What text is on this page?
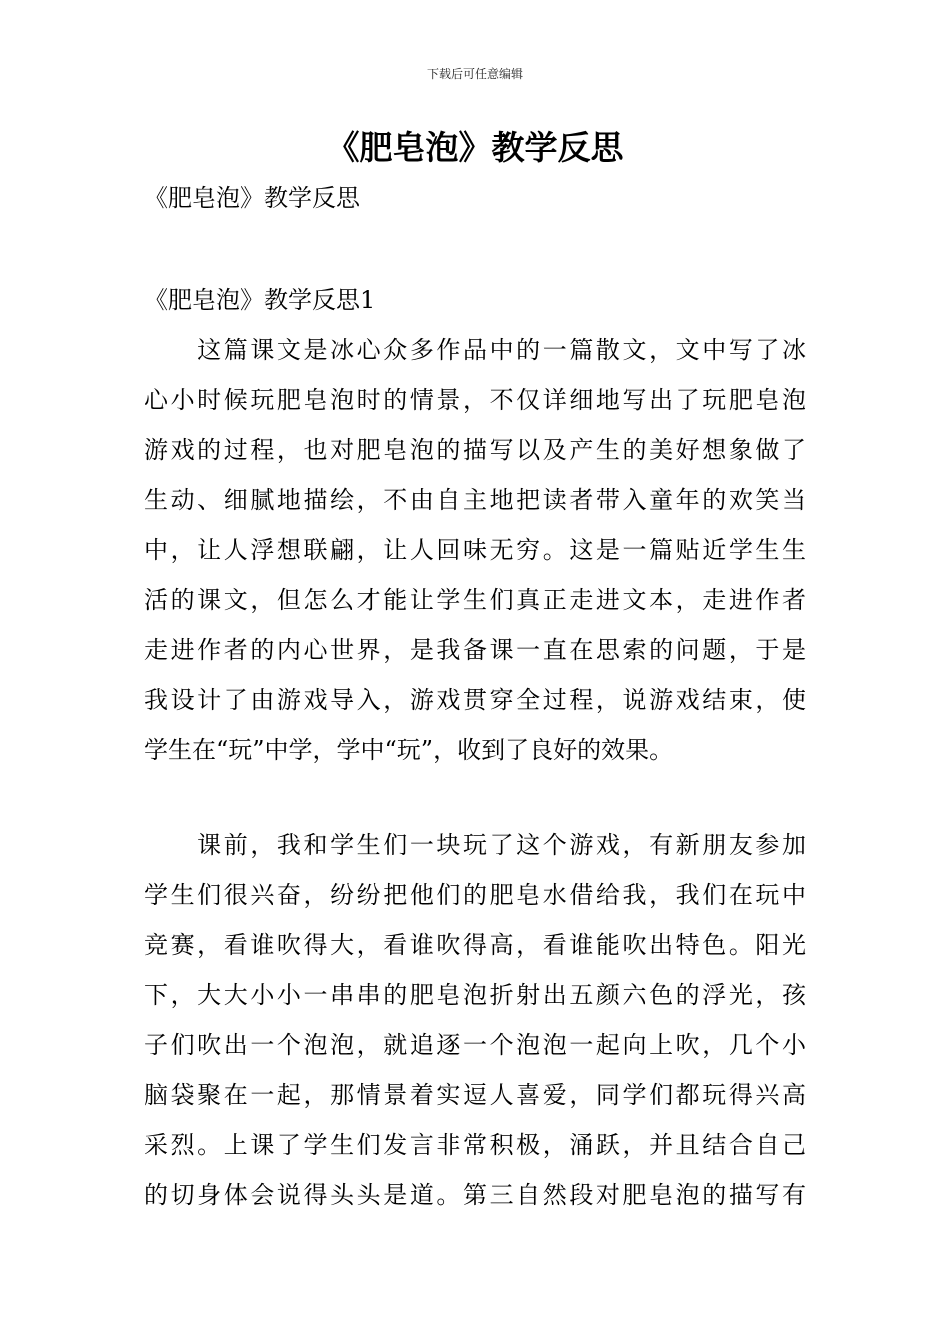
下载后可任意编辑
《肥皂泡》教学反思

《肥皂泡》教学反思

《肥皂泡》教学反思1

　　这篇课文是冰心众多作品中的一篇散文，文中写了冰
心小时候玩肥皂泡时的情景，不仅详细地写出了玩肥皂泡
游戏的过程，也对肥皂泡的描写以及产生的美好想象做了
生动、细腻地描绘，不由自主地把读者带入童年的欢笑当
中，让人浮想联翩，让人回味无穷。这是一篇贴近学生生
活的课文，但怎么才能让学生们真正走进文本，走进作者
走进作者的内心世界，是我备课一直在思索的问题，于是
我设计了由游戏导入，游戏贯穿全过程，说游戏结束，使
学生在“玩”中学，学中“玩”，收到了良好的效果。
　　课前，我和学生们一块玩了这个游戏，有新朋友参加
学生们很兴奋，纷纷把他们的肥皂水借给我，我们在玩中
竞赛，看谁吹得大，看谁吹得高，看谁能吹出特色。阳光
下，大大小小一串串的肥皂泡折射出五颜六色的浮光，孩
子们吹出一个泡泡，就追逐一个泡泡一起向上吹，几个小
脑袋聚在一起，那情景着实逗人喜爱，同学们都玩得兴高
采烈。上课了学生们发言非常积极，涌跃，并且结合自己
的切身体会说得头头是道。第三自然段对肥皂泡的描写有
